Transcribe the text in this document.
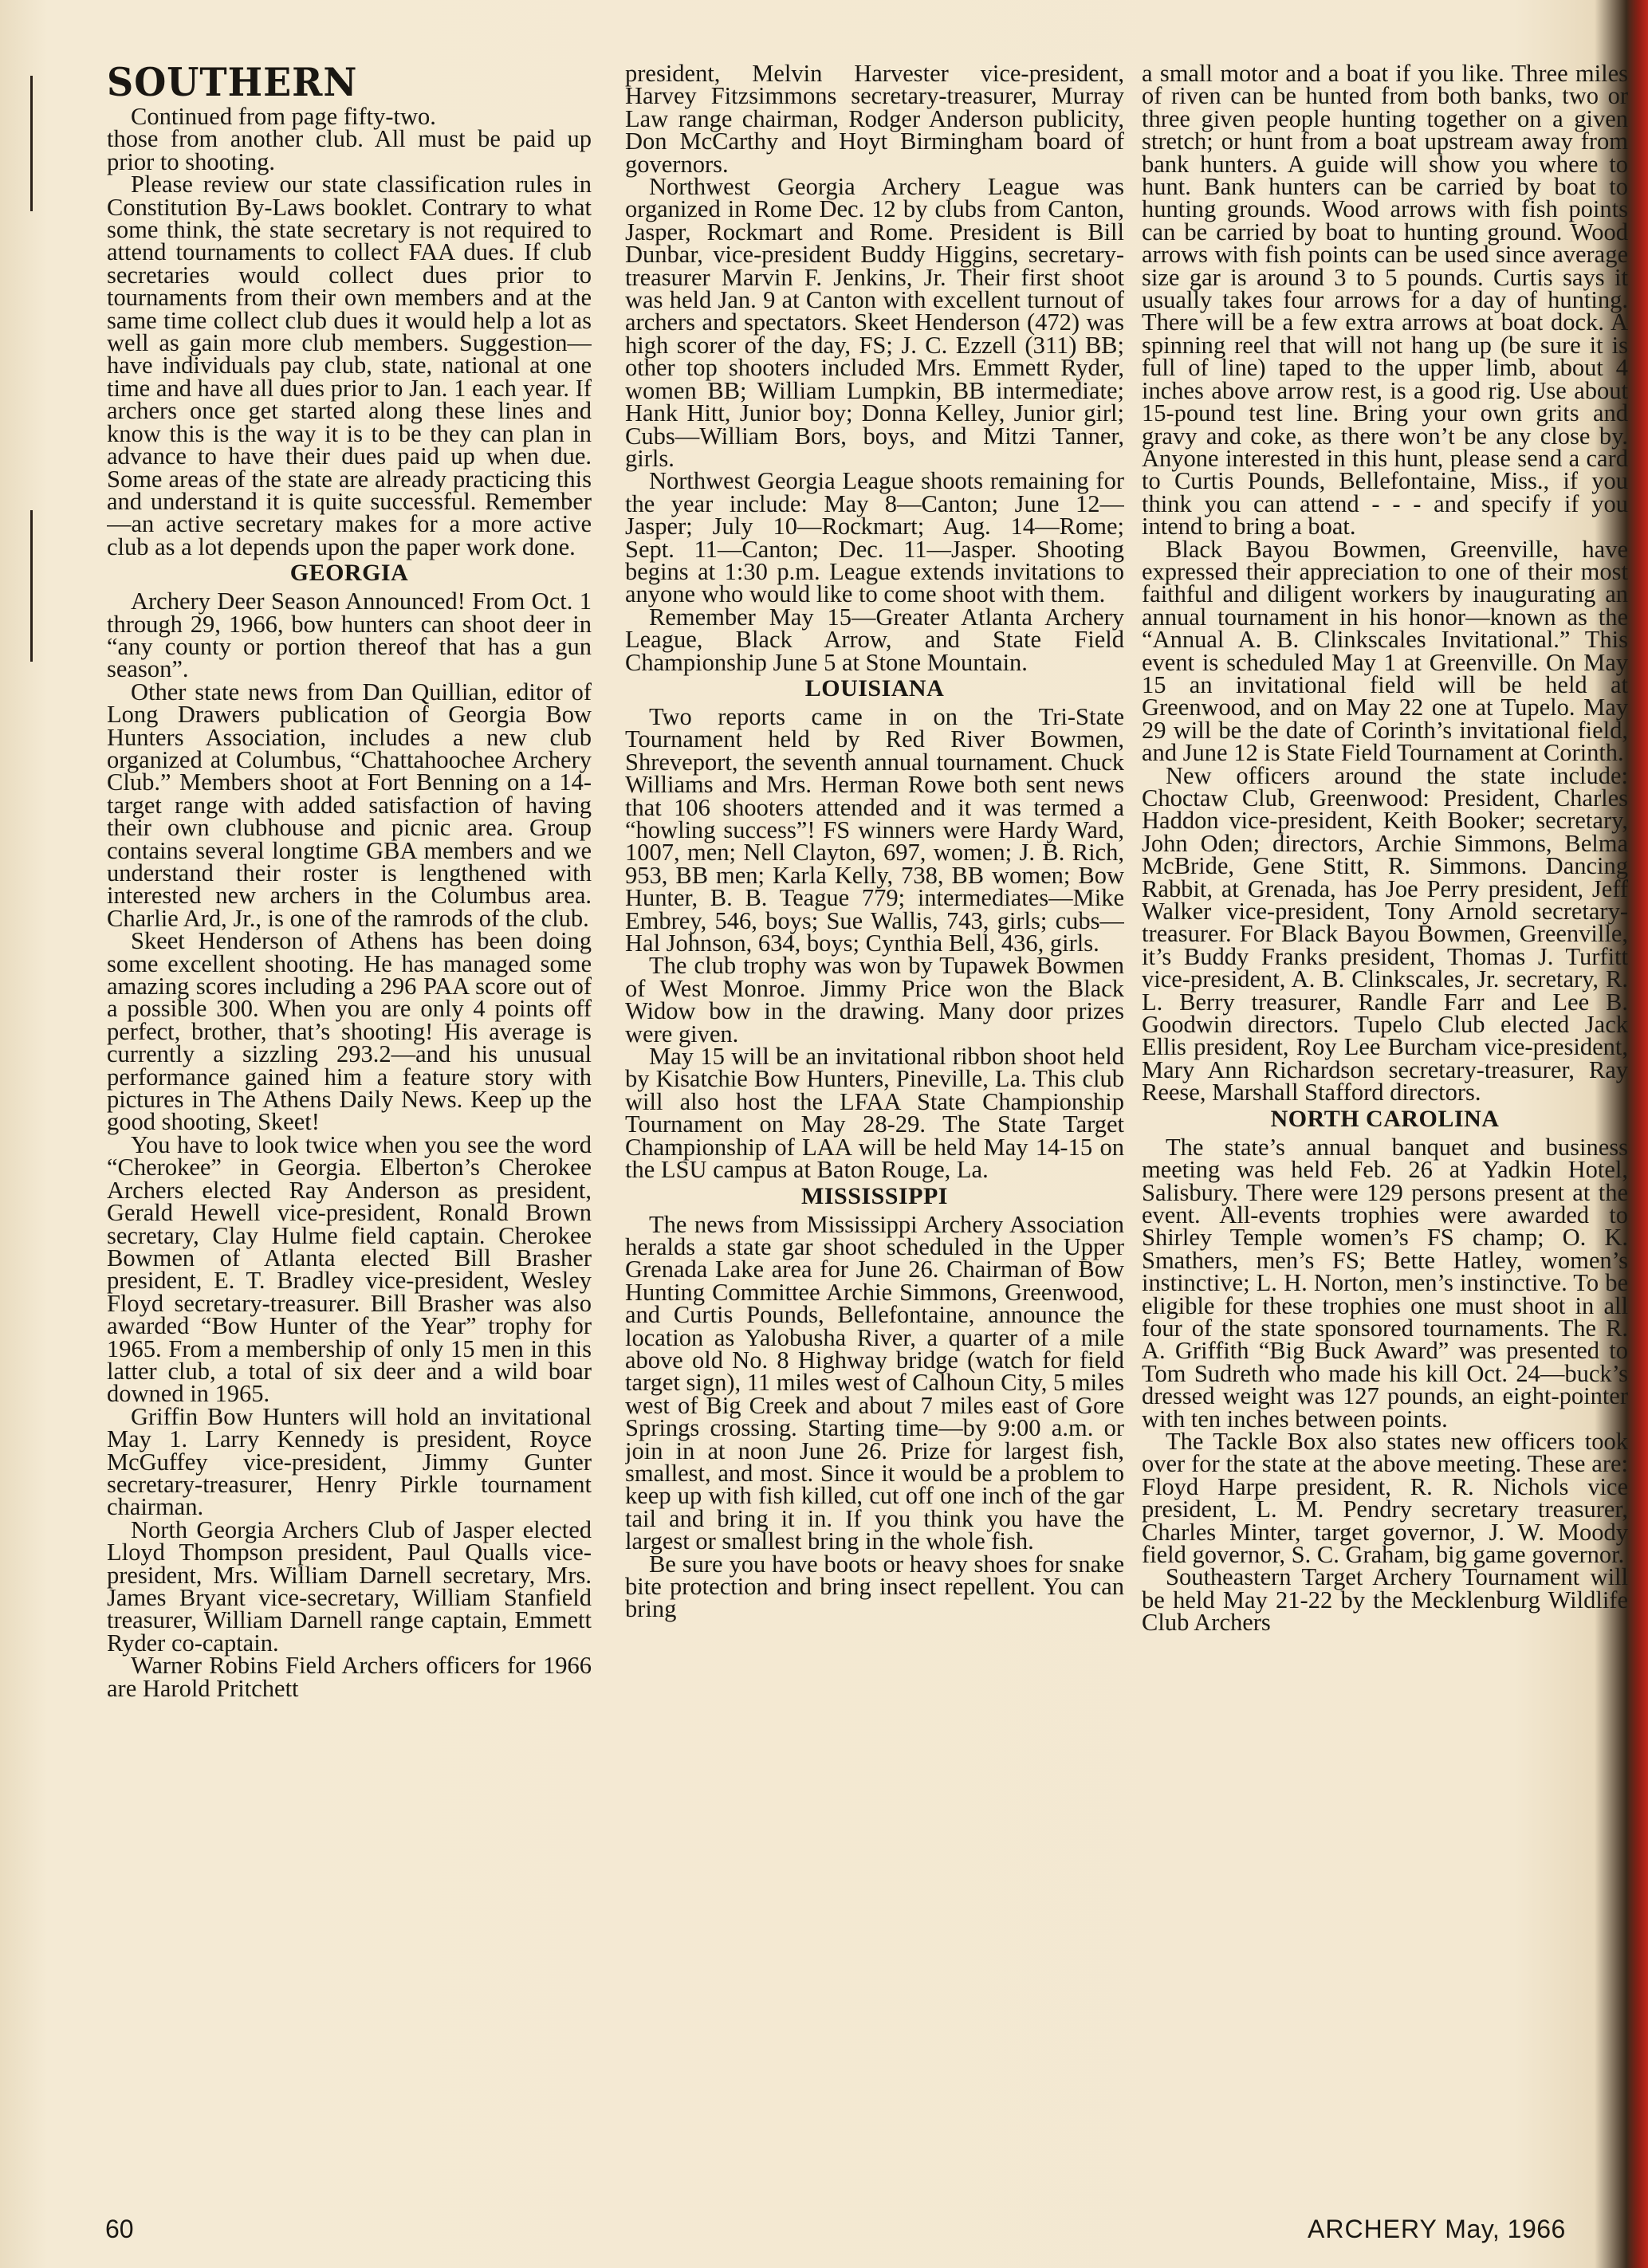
SOUTHERN

Continued from page fifty-two.

those from another club. All must be paid up prior to shooting.

Please review our state classification rules in Constitution By-Laws booklet. Contrary to what some think, the state secretary is not required to attend tournaments to collect FAA dues. If club secretaries would collect dues prior to tournaments from their own members and at the same time collect club dues it would help a lot as well as gain more club members. Suggestion—have individuals pay club, state, national at one time and have all dues prior to Jan. 1 each year. If archers once get started along these lines and know this is the way it is to be they can plan in advance to have their dues paid up when due. Some areas of the state are already practicing this and understand it is quite successful. Remember—an active secretary makes for a more active club as a lot depends upon the paper work done.

GEORGIA

Archery Deer Season Announced! From Oct. 1 through 29, 1966, bow hunters can shoot deer in “any county or portion thereof that has a gun season”.

Other state news from Dan Quillian, editor of Long Drawers publication of Georgia Bow Hunters Association, includes a new club organized at Columbus, “Chattahoochee Archery Club.” Members shoot at Fort Benning on a 14-target range with added satisfaction of having their own clubhouse and picnic area. Group contains several longtime GBA members and we understand their roster is lengthened with interested new archers in the Columbus area. Charlie Ard, Jr., is one of the ramrods of the club.

Skeet Henderson of Athens has been doing some excellent shooting. He has managed some amazing scores including a 296 PAA score out of a possible 300. When you are only 4 points off perfect, brother, that’s shooting! His average is currently a sizzling 293.2—and his unusual performance gained him a feature story with pictures in The Athens Daily News. Keep up the good shooting, Skeet!

You have to look twice when you see the word “Cherokee” in Georgia. Elberton’s Cherokee Archers elected Ray Anderson as president, Gerald Hewell vice-president, Ronald Brown secretary, Clay Hulme field captain. Cherokee Bowmen of Atlanta elected Bill Brasher president, E. T. Bradley vice-president, Wesley Floyd secretary-treasurer. Bill Brasher was also awarded “Bow Hunter of the Year” trophy for 1965. From a membership of only 15 men in this latter club, a total of six deer and a wild boar downed in 1965.

Griffin Bow Hunters will hold an invitational May 1. Larry Kennedy is president, Royce McGuffey vice-president, Jimmy Gunter secretary-treasurer, Henry Pirkle tournament chairman.

North Georgia Archers Club of Jasper elected Lloyd Thompson president, Paul Qualls vice-president, Mrs. William Darnell secretary, Mrs. James Bryant vice-secretary, William Stanfield treasurer, William Darnell range captain, Emmett Ryder co-captain.

Warner Robins Field Archers officers for 1966 are Harold Pritchett

president, Melvin Harvester vice-president, Harvey Fitzsimmons secretary-treasurer, Murray Law range chairman, Rodger Anderson publicity, Don McCarthy and Hoyt Birmingham board of governors.

Northwest Georgia Archery League was organized in Rome Dec. 12 by clubs from Canton, Jasper, Rockmart and Rome. President is Bill Dunbar, vice-president Buddy Higgins, secretary-treasurer Marvin F. Jenkins, Jr. Their first shoot was held Jan. 9 at Canton with excellent turnout of archers and spectators. Skeet Henderson (472) was high scorer of the day, FS; J. C. Ezzell (311) BB; other top shooters included Mrs. Emmett Ryder, women BB; William Lumpkin, BB intermediate; Hank Hitt, Junior boy; Donna Kelley, Junior girl; Cubs—William Bors, boys, and Mitzi Tanner, girls.

Northwest Georgia League shoots remaining for the year include: May 8—Canton; June 12—Jasper; July 10—Rockmart; Aug. 14—Rome; Sept. 11—Canton; Dec. 11—Jasper. Shooting begins at 1:30 p.m. League extends invitations to anyone who would like to come shoot with them.

Remember May 15—Greater Atlanta Archery League, Black Arrow, and State Field Championship June 5 at Stone Mountain.

LOUISIANA

Two reports came in on the Tri-State Tournament held by Red River Bowmen, Shreveport, the seventh annual tournament. Chuck Williams and Mrs. Herman Rowe both sent news that 106 shooters attended and it was termed a “howling success”! FS winners were Hardy Ward, 1007, men; Nell Clayton, 697, women; J. B. Rich, 953, BB men; Karla Kelly, 738, BB women; Bow Hunter, B. B. Teague 779; intermediates—Mike Embrey, 546, boys; Sue Wallis, 743, girls; cubs—Hal Johnson, 634, boys; Cynthia Bell, 436, girls.

The club trophy was won by Tupawek Bowmen of West Monroe. Jimmy Price won the Black Widow bow in the drawing. Many door prizes were given.

May 15 will be an invitational ribbon shoot held by Kisatchie Bow Hunters, Pineville, La. This club will also host the LFAA State Championship Tournament on May 28-29. The State Target Championship of LAA will be held May 14-15 on the LSU campus at Baton Rouge, La.

MISSISSIPPI

The news from Mississippi Archery Association heralds a state gar shoot scheduled in the Upper Grenada Lake area for June 26. Chairman of Bow Hunting Committee Archie Simmons, Greenwood, and Curtis Pounds, Bellefontaine, announce the location as Yalobusha River, a quarter of a mile above old No. 8 Highway bridge (watch for field target sign), 11 miles west of Calhoun City, 5 miles west of Big Creek and about 7 miles east of Gore Springs crossing. Starting time—by 9:00 a.m. or join in at noon June 26. Prize for largest fish, smallest, and most. Since it would be a problem to keep up with fish killed, cut off one inch of the gar tail and bring it in. If you think you have the largest or smallest bring in the whole fish.

Be sure you have boots or heavy shoes for snake bite protection and bring insect repellent. You can bring

a small motor and a boat if you like. Three miles of riven can be hunted from both banks, two or three given people hunting together on a given stretch; or hunt from a boat upstream away from bank hunters. A guide will show you where to hunt. Bank hunters can be carried by boat to hunting grounds. Wood arrows with fish points can be carried by boat to hunting ground. Wood arrows with fish points can be used since average size gar is around 3 to 5 pounds. Curtis says it usually takes four arrows for a day of hunting. There will be a few extra arrows at boat dock. A spinning reel that will not hang up (be sure it is full of line) taped to the upper limb, about 4 inches above arrow rest, is a good rig. Use about 15-pound test line. Bring your own grits and gravy and coke, as there won’t be any close by. Anyone interested in this hunt, please send a card to Curtis Pounds, Bellefontaine, Miss., if you think you can attend - - - and specify if you intend to bring a boat.

Black Bayou Bowmen, Greenville, have expressed their appreciation to one of their most faithful and diligent workers by inaugurating an annual tournament in his honor—known as the “Annual A. B. Clinkscales Invitational.” This event is scheduled May 1 at Greenville. On May 15 an invitational field will be held at Greenwood, and on May 22 one at Tupelo. May 29 will be the date of Corinth’s invitational field, and June 12 is State Field Tournament at Corinth.

New officers around the state include: Choctaw Club, Greenwood: President, Charles Haddon vice-president, Keith Booker; secretary, John Oden; directors, Archie Simmons, Belma McBride, Gene Stitt, R. Simmons. Dancing Rabbit, at Grenada, has Joe Perry president, Jeff Walker vice-president, Tony Arnold secretary-treasurer. For Black Bayou Bowmen, Greenville, it’s Buddy Franks president, Thomas J. Turfitt vice-president, A. B. Clinkscales, Jr. secretary, R. L. Berry treasurer, Randle Farr and Lee B. Goodwin directors. Tupelo Club elected Jack Ellis president, Roy Lee Burcham vice-president, Mary Ann Richardson secretary-treasurer, Ray Reese, Marshall Stafford directors.

NORTH CAROLINA

The state’s annual banquet and business meeting was held Feb. 26 at Yadkin Hotel, Salisbury. There were 129 persons present at the event. All-events trophies were awarded to Shirley Temple women’s FS champ; O. K. Smathers, men’s FS; Bette Hatley, women’s instinctive; L. H. Norton, men’s instinctive. To be eligible for these trophies one must shoot in all four of the state sponsored tournaments. The R. A. Griffith “Big Buck Award” was presented to Tom Sudreth who made his kill Oct. 24—buck’s dressed weight was 127 pounds, an eight-pointer with ten inches between points.

The Tackle Box also states new officers took over for the state at the above meeting. These are: Floyd Harpe president, R. R. Nichols vice president, L. M. Pendry secretary treasurer, Charles Minter, target governor, J. W. Moody field governor, S. C. Graham, big game governor.

Southeastern Target Archery Tournament will be held May 21-22 by the Mecklenburg Wildlife Club Archers

60	ARCHERY May, 1966
